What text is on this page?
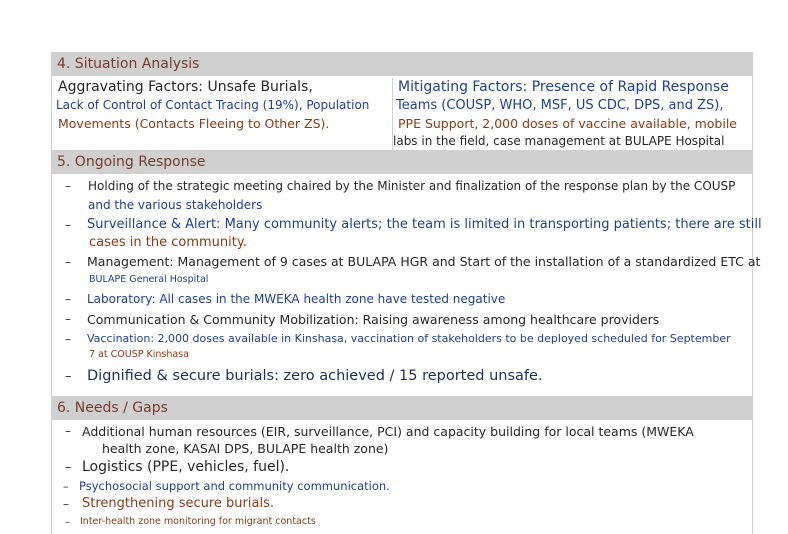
4. Situation Analysis
Aggravating Factors: Unsafe Burials,
Lack of Control of Contact Tracing (19%), Population
Movements (Contacts Fleeing to Other ZS).
Mitigating Factors: Presence of Rapid Response
Teams (COUSP, WHO, MSF, US CDC, DPS, and ZS),
PPE Support, 2,000 doses of vaccine available, mobile
labs in the field, case management at BULAPE Hospital
5. Ongoing Response
– Holding of the strategic meeting chaired by the Minister and finalization of the response plan by the COUSP
and the various stakeholders
– Surveillance & Alert: Many community alerts; the team is limited in transporting patients; there are still
cases in the community.
– Management: Management of 9 cases at BULAPA HGR and Start of the installation of a standardized ETC at
BULAPE General Hospital
– Laboratory: All cases in the MWEKA health zone have tested negative
– Communication & Community Mobilization: Raising awareness among healthcare providers
– Vaccination: 2,000 doses available in Kinshasa, vaccination of stakeholders to be deployed scheduled for September
7 at COUSP Kinshasa
– Dignified & secure burials: zero achieved / 15 reported unsafe.
6. Needs / Gaps
– Additional human resources (EIR, surveillance, PCI) and capacity building for local teams (MWEKA
health zone, KASAI DPS, BULAPE health zone)
– Logistics (PPE, vehicles, fuel).
– Psychosocial support and community communication.
– Strengthening secure burials.
– Inter-health zone monitoring for migrant contacts
